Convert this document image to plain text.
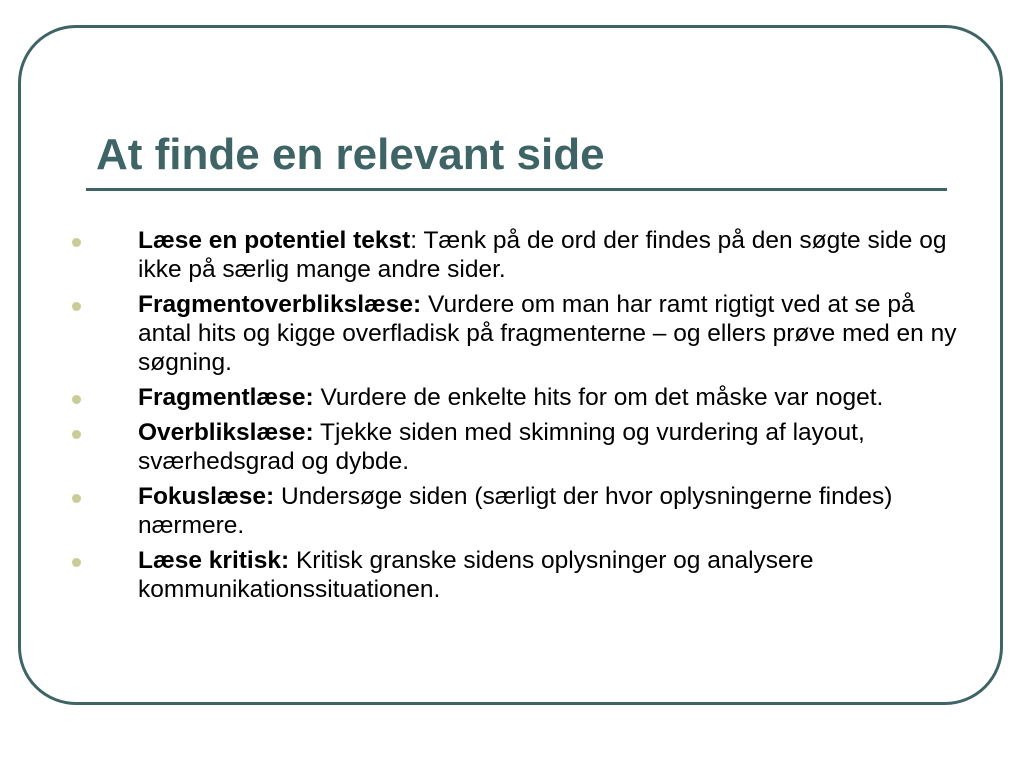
At finde en relevant side
Læse en potentiel tekst: Tænk på de ord der findes på den søgte side og ikke på særlig mange andre sider.
Fragmentoverblikslæse: Vurdere om man har ramt rigtigt ved at se på antal hits og kigge overfladisk på fragmenterne – og ellers prøve med en ny søgning.
Fragmentlæse: Vurdere de enkelte hits for om det måske var noget.
Overblikslæse: Tjekke siden med skimning og vurdering af layout, sværhedsgrad og dybde.
Fokuslæse: Undersøge siden (særligt der hvor oplysningerne findes) nærmere.
Læse kritisk: Kritisk granske sidens oplysninger og analysere kommunikationssituationen.
